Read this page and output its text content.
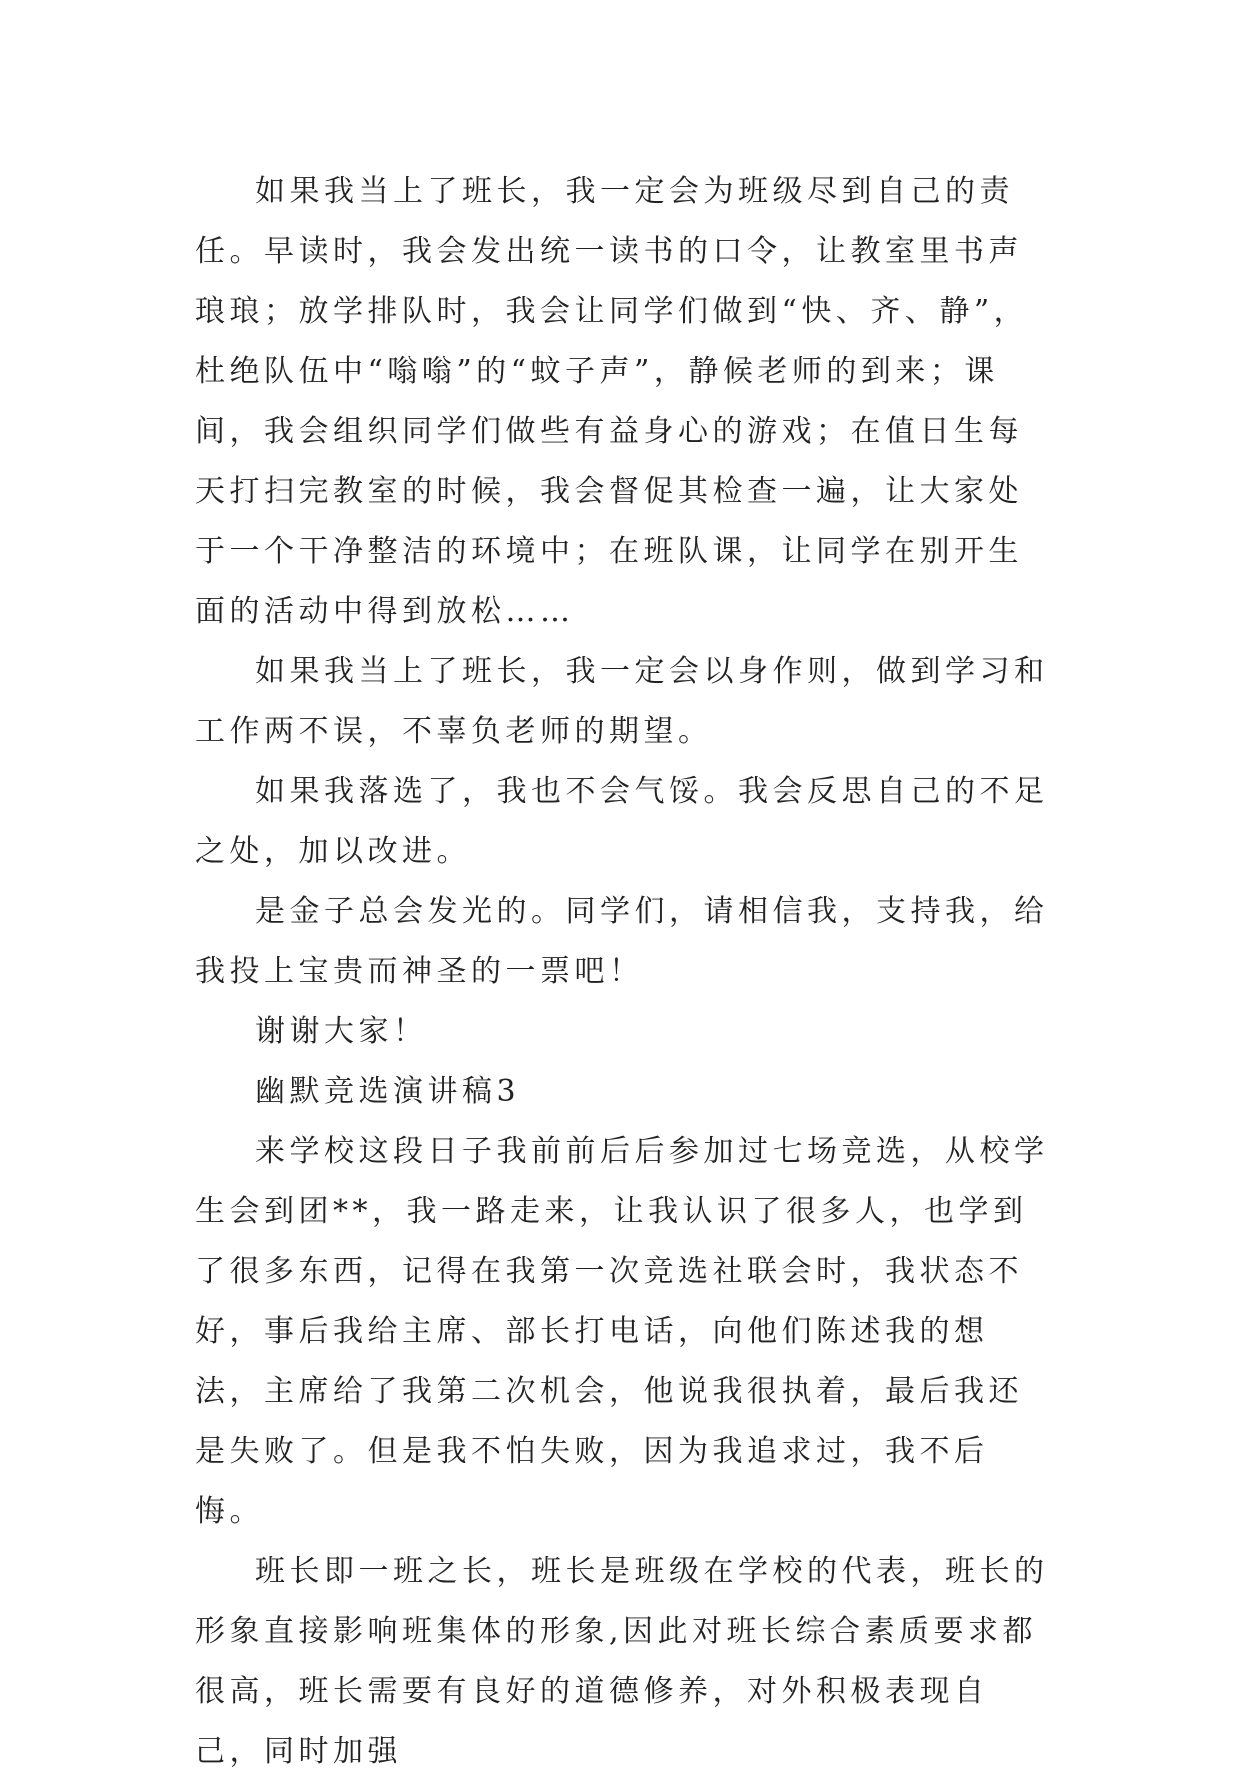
如果我当上了班长，我一定会为班级尽到自己的责任。早读时，我会发出统一读书的口令，让教室里书声琅琅；放学排队时，我会让同学们做到“快、齐、静”，杜绝队伍中“嗡嗡”的“蚊子声”，静候老师的到来；课间，我会组织同学们做些有益身心的游戏；在值日生每天打扫完教室的时候，我会督促其检查一遍，让大家处于一个干净整洁的环境中；在班队课，让同学在别开生面的活动中得到放松……

如果我当上了班长，我一定会以身作则，做到学习和工作两不误，不辜负老师的期望。

如果我落选了，我也不会气馁。我会反思自己的不足之处，加以改进。

是金子总会发光的。同学们，请相信我，支持我，给我投上宝贵而神圣的一票吧！

谢谢大家！

幽默竞选演讲稿3

来学校这段日子我前前后后参加过七场竞选，从校学生会到团**，我一路走来，让我认识了很多人，也学到了很多东西，记得在我第一次竞选社联会时，我状态不好，事后我给主席、部长打电话，向他们陈述我的想法，主席给了我第二次机会，他说我很执着，最后我还是失败了。但是我不怕失败，因为我追求过，我不后悔。

班长即一班之长，班长是班级在学校的代表，班长的形象直接影响班集体的形象,因此对班长综合素质要求都很高，班长需要有良好的道德修养，对外积极表现自己，同时加强
